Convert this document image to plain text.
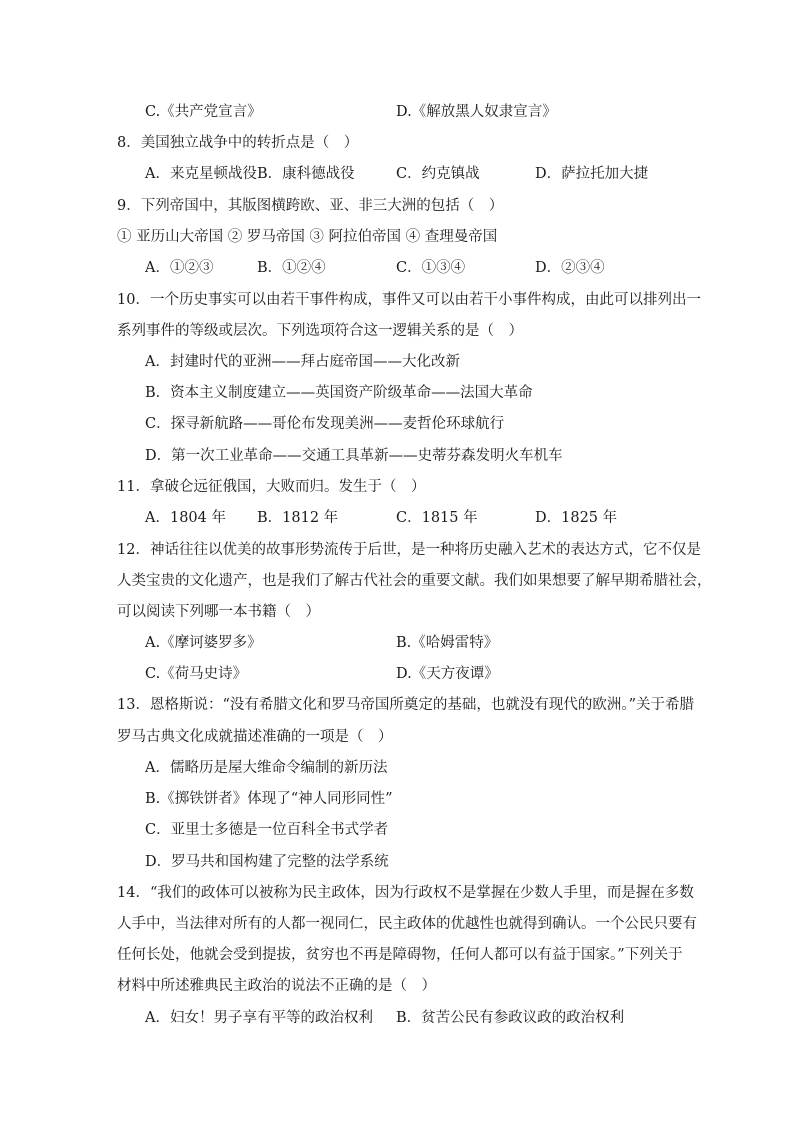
C.《共产党宣言》	D.《解放黑人奴隶宣言》
8．美国独立战争中的转折点是（　）
A．来克星顿战役 B．康科德战役	C．约克镇战	D．萨拉托加大捷
9．下列帝国中，其版图横跨欧、亚、非三大洲的包括（　）
① 亚历山大帝国 ② 罗马帝国 ③ 阿拉伯帝国 ④ 查理曼帝国
A．①②③	B．①②④	C．①③④	D．②③④
10．一个历史事实可以由若干事件构成，事件又可以由若干小事件构成，由此可以排列出一
系列事件的等级或层次。下列选项符合这一逻辑关系的是（　）
A．封建时代的亚洲——拜占庭帝国——大化改新
B．资本主义制度建立——英国资产阶级革命——法国大革命
C．探寻新航路——哥伦布发现美洲——麦哲伦环球航行
D．第一次工业革命——交通工具革新——史蒂芬森发明火车机车
11．拿破仑远征俄国，大败而归。发生于（　）
A．1804 年 B．1812 年	C．1815 年	D．1825 年
12．神话往往以优美的故事形势流传于后世，是一种将历史融入艺术的表达方式，它不仅是
人类宝贵的文化遗产，也是我们了解古代社会的重要文献。我们如果想要了解早期希腊社会，
可以阅读下列哪一本书籍（　）
A.《摩诃婆罗多》	B.《哈姆雷特》
C.《荷马史诗》	D.《天方夜谭》
13．恩格斯说：“没有希腊文化和罗马帝国所奠定的基础，也就没有现代的欧洲。”关于希腊
罗马古典文化成就描述准确的一项是（　）
A．儒略历是屋大维命令编制的新历法
B.《掷铁饼者》体现了“神人同形同性”
C．亚里士多德是一位百科全书式学者
D．罗马共和国构建了完整的法学系统
14．“我们的政体可以被称为民主政体，因为行政权不是掌握在少数人手里，而是握在多数
人手中，当法律对所有的人都一视同仁，民主政体的优越性也就得到确认。一个公民只要有
任何长处，他就会受到提拔，贫穷也不再是障碍物，任何人都可以有益于国家。”下列关于
材料中所述雅典民主政治的说法不正确的是（　）
A．妇女！男子享有平等的政治权利 B．贫苦公民有参政议政的政治权利
